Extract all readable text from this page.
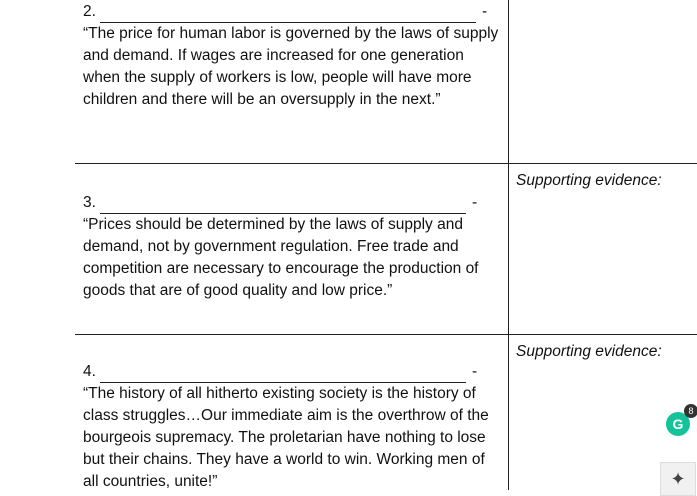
2.	-

“The price for human labor is governed by the laws of supply and demand. If wages are increased for one generation when the supply of workers is low, people will have more children and there will be an oversupply in the next.”

3.	-

“Prices should be determined by the laws of supply and demand, not by government regulation. Free trade and competition are necessary to encourage the production of goods that are of good quality and low price.”

Supporting evidence:
4.	-

“The history of all hitherto existing society is the history of class struggles…Our immediate aim is the overthrow of the bourgeois supremacy. The proletarian have nothing to lose but their chains. They have a world to win. Working men of all countries, unite!”

Supporting evidence:
G
8
✦
